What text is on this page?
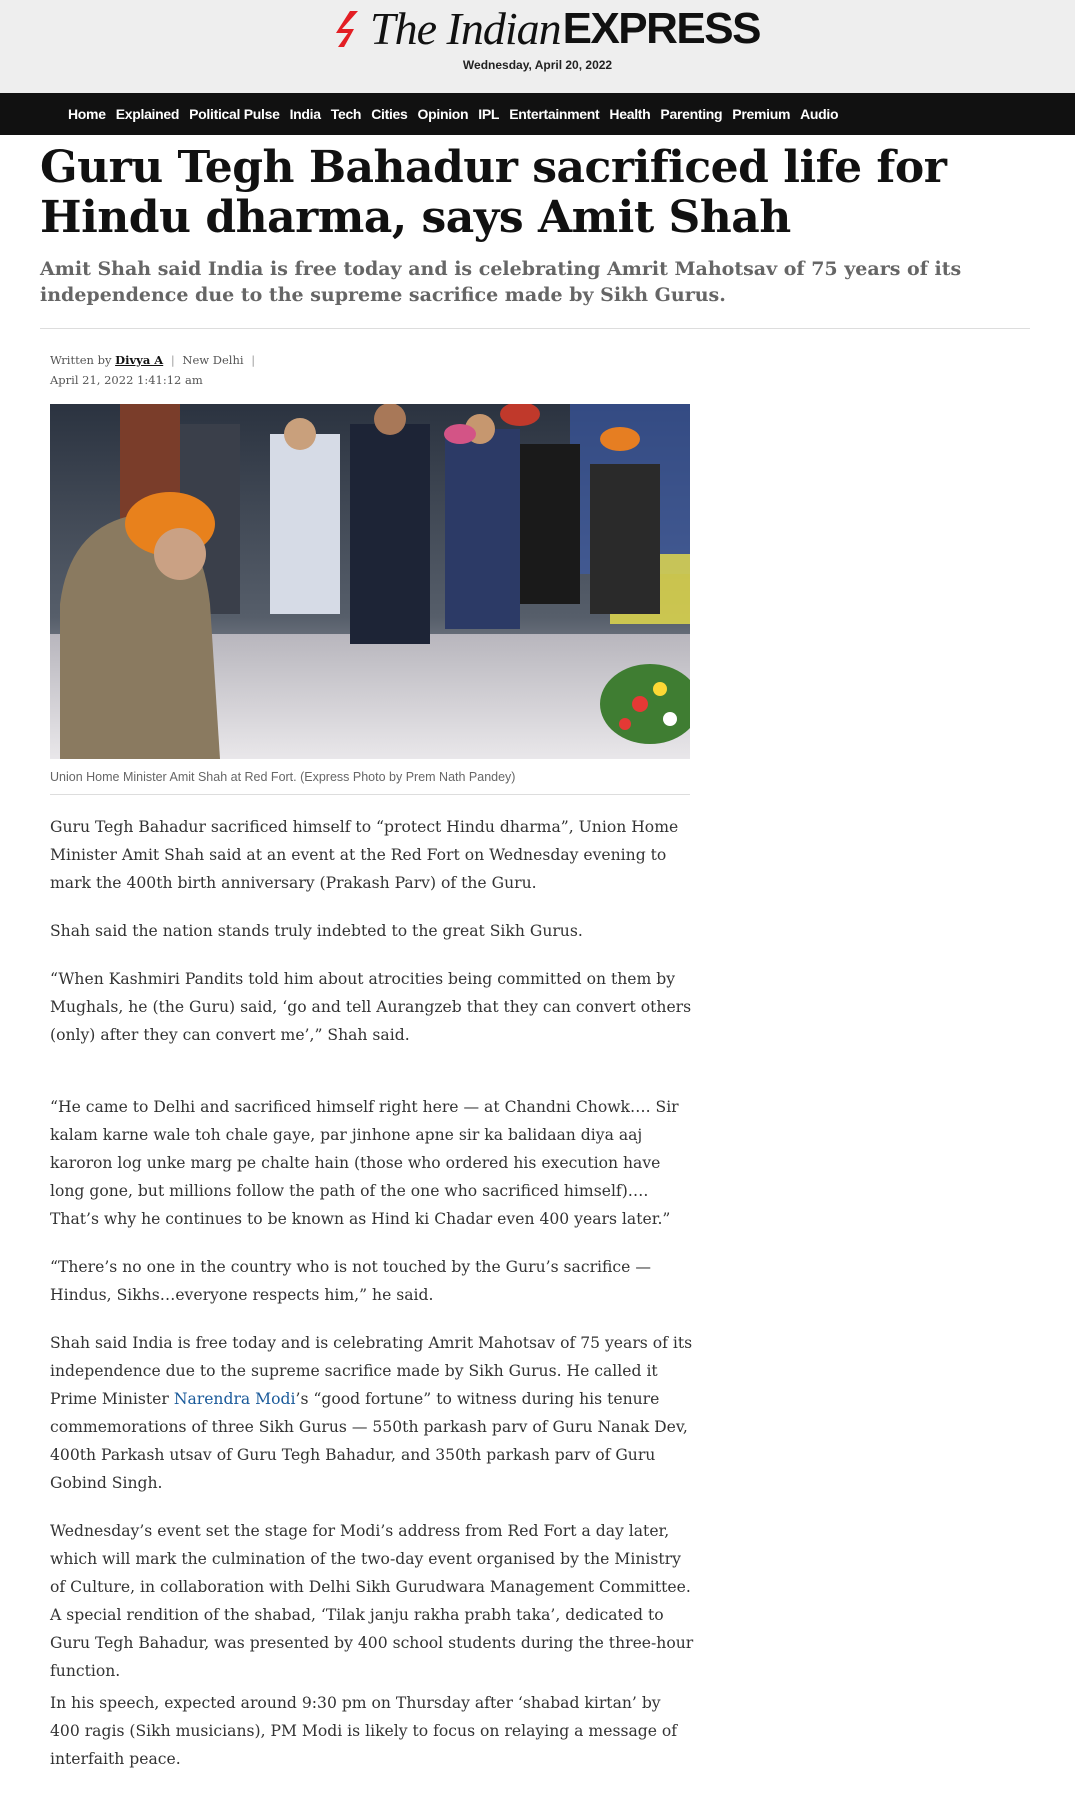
The Indian EXPRESS
Wednesday, April 20, 2022
Home Explained Political Pulse India Tech Cities Opinion IPL Entertainment Health Parenting Premium Audio
Guru Tegh Bahadur sacrificed life for Hindu dharma, says Amit Shah
Amit Shah said India is free today and is celebrating Amrit Mahotsav of 75 years of its independence due to the supreme sacrifice made by Sikh Gurus.
Written by Divya A | New Delhi |
April 21, 2022 1:41:12 am
Union Home Minister Amit Shah at Red Fort. (Express Photo by Prem Nath Pandey)

Guru Tegh Bahadur sacrificed himself to “protect Hindu dharma”, Union Home Minister Amit Shah said at an event at the Red Fort on Wednesday evening to mark the 400th birth anniversary (Prakash Parv) of the Guru.

Shah said the nation stands truly indebted to the great Sikh Gurus.

“When Kashmiri Pandits told him about atrocities being committed on them by Mughals, he (the Guru) said, ‘go and tell Aurangzeb that they can convert others (only) after they can convert me’,” Shah said.

“He came to Delhi and sacrificed himself right here — at Chandni Chowk…. Sir kalam karne wale toh chale gaye, par jinhone apne sir ka balidaan diya aaj karoron log unke marg pe chalte hain (those who ordered his execution have long gone, but millions follow the path of the one who sacrificed himself)…. That’s why he continues to be known as Hind ki Chadar even 400 years later.”

“There’s no one in the country who is not touched by the Guru’s sacrifice — Hindus, Sikhs…everyone respects him,” he said.

Shah said India is free today and is celebrating Amrit Mahotsav of 75 years of its independence due to the supreme sacrifice made by Sikh Gurus. He called it Prime Minister Narendra Modi’s “good fortune” to witness during his tenure commemorations of three Sikh Gurus — 550th parkash parv of Guru Nanak Dev, 400th Parkash utsav of Guru Tegh Bahadur, and 350th parkash parv of Guru Gobind Singh.

Wednesday’s event set the stage for Modi’s address from Red Fort a day later, which will mark the culmination of the two-day event organised by the Ministry of Culture, in collaboration with Delhi Sikh Gurudwara Management Committee.
A special rendition of the shabad, ‘Tilak janju rakha prabh taka’, dedicated to Guru Tegh Bahadur, was presented by 400 school students during the three-hour function.

In his speech, expected around 9:30 pm on Thursday after ‘shabad kirtan’ by 400 ragis (Sikh musicians), PM Modi is likely to focus on relaying a message of interfaith peace.
